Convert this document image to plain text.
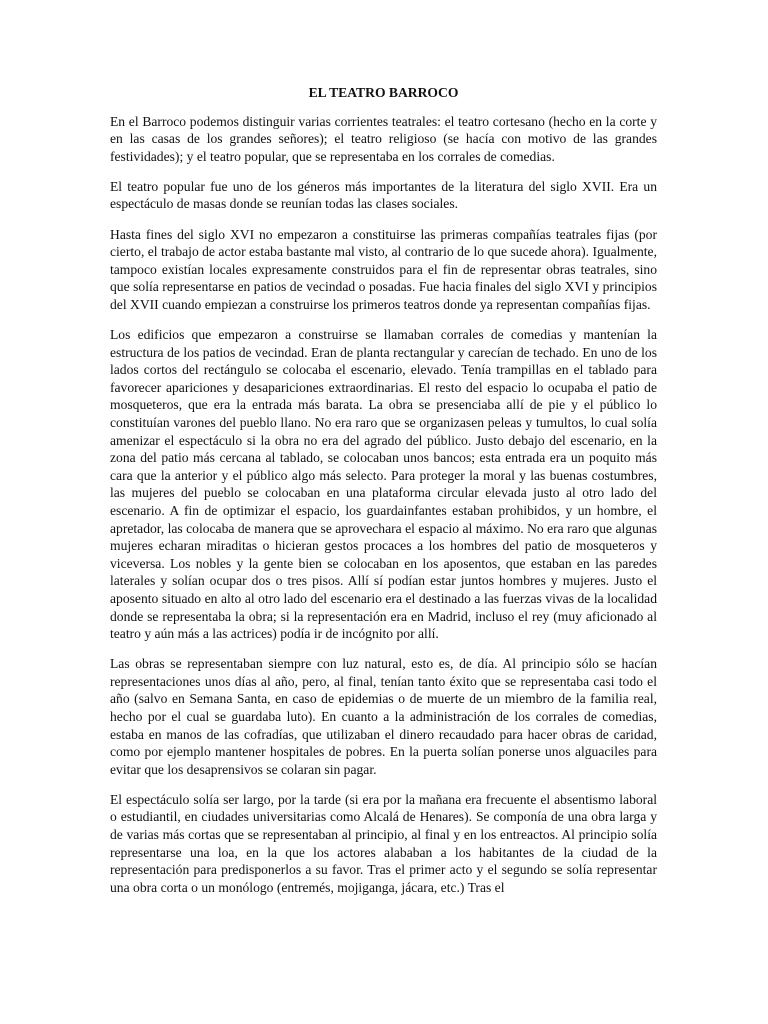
EL TEATRO BARROCO

En el Barroco podemos distinguir varias corrientes teatrales: el teatro cortesano (hecho en la corte y en las casas de los grandes señores); el teatro religioso (se hacía con motivo de las grandes festividades); y el teatro popular, que se representaba en los corrales de comedias.

El teatro popular fue uno de los géneros más importantes de la literatura del siglo XVII. Era un espectáculo de masas donde se reunían todas las clases sociales.

Hasta fines del siglo XVI no empezaron a constituirse las primeras compañías teatrales fijas (por cierto, el trabajo de actor estaba bastante mal visto, al contrario de lo que sucede ahora). Igualmente, tampoco existían locales expresamente construidos para el fin de representar obras teatrales, sino que solía representarse en patios de vecindad o posadas. Fue hacia finales del siglo XVI y principios del XVII cuando empiezan a construirse los primeros teatros donde ya representan compañías fijas.

Los edificios que empezaron a construirse se llamaban corrales de comedias y mantenían la estructura de los patios de vecindad. Eran de planta rectangular y carecían de techado. En uno de los lados cortos del rectángulo se colocaba el escenario, elevado. Tenía trampillas en el tablado para favorecer apariciones y desapariciones extraordinarias. El resto del espacio lo ocupaba el patio de mosqueteros, que era la entrada más barata. La obra se presenciaba allí de pie y el público lo constituían varones del pueblo llano. No era raro que se organizasen peleas y tumultos, lo cual solía amenizar el espectáculo si la obra no era del agrado del público. Justo debajo del escenario, en la zona del patio más cercana al tablado, se colocaban unos bancos; esta entrada era un poquito más cara que la anterior y el público algo más selecto. Para proteger la moral y las buenas costumbres, las mujeres del pueblo se colocaban en una plataforma circular elevada justo al otro lado del escenario. A fin de optimizar el espacio, los guardainfantes estaban prohibidos, y un hombre, el apretador, las colocaba de manera que se aprovechara el espacio al máximo. No era raro que algunas mujeres echaran miraditas o hicieran gestos procaces a los hombres del patio de mosqueteros y viceversa. Los nobles y la gente bien se colocaban en los aposentos, que estaban en las paredes laterales y solían ocupar dos o tres pisos. Allí sí podían estar juntos hombres y mujeres. Justo el aposento situado en alto al otro lado del escenario era el destinado a las fuerzas vivas de la localidad donde se representaba la obra; si la representación era en Madrid, incluso el rey (muy aficionado al teatro y aún más a las actrices) podía ir de incógnito por allí.

Las obras se representaban siempre con luz natural, esto es, de día. Al principio sólo se hacían representaciones unos días al año, pero, al final, tenían tanto éxito que se representaba casi todo el año (salvo en Semana Santa, en caso de epidemias o de muerte de un miembro de la familia real, hecho por el cual se guardaba luto). En cuanto a la administración de los corrales de comedias, estaba en manos de las cofradías, que utilizaban el dinero recaudado para hacer obras de caridad, como por ejemplo mantener hospitales de pobres. En la puerta solían ponerse unos alguaciles para evitar que los desaprensivos se colaran sin pagar.

El espectáculo solía ser largo, por la tarde (si era por la mañana era frecuente el absentismo laboral o estudiantil, en ciudades universitarias como Alcalá de Henares). Se componía de una obra larga y de varias más cortas que se representaban al principio, al final y en los entreactos. Al principio solía representarse una loa, en la que los actores alababan a los habitantes de la ciudad de la representación para predisponerlos a su favor. Tras el primer acto y el segundo se solía representar una obra corta o un monólogo (entremés, mojiganga, jácara, etc.) Tras el
